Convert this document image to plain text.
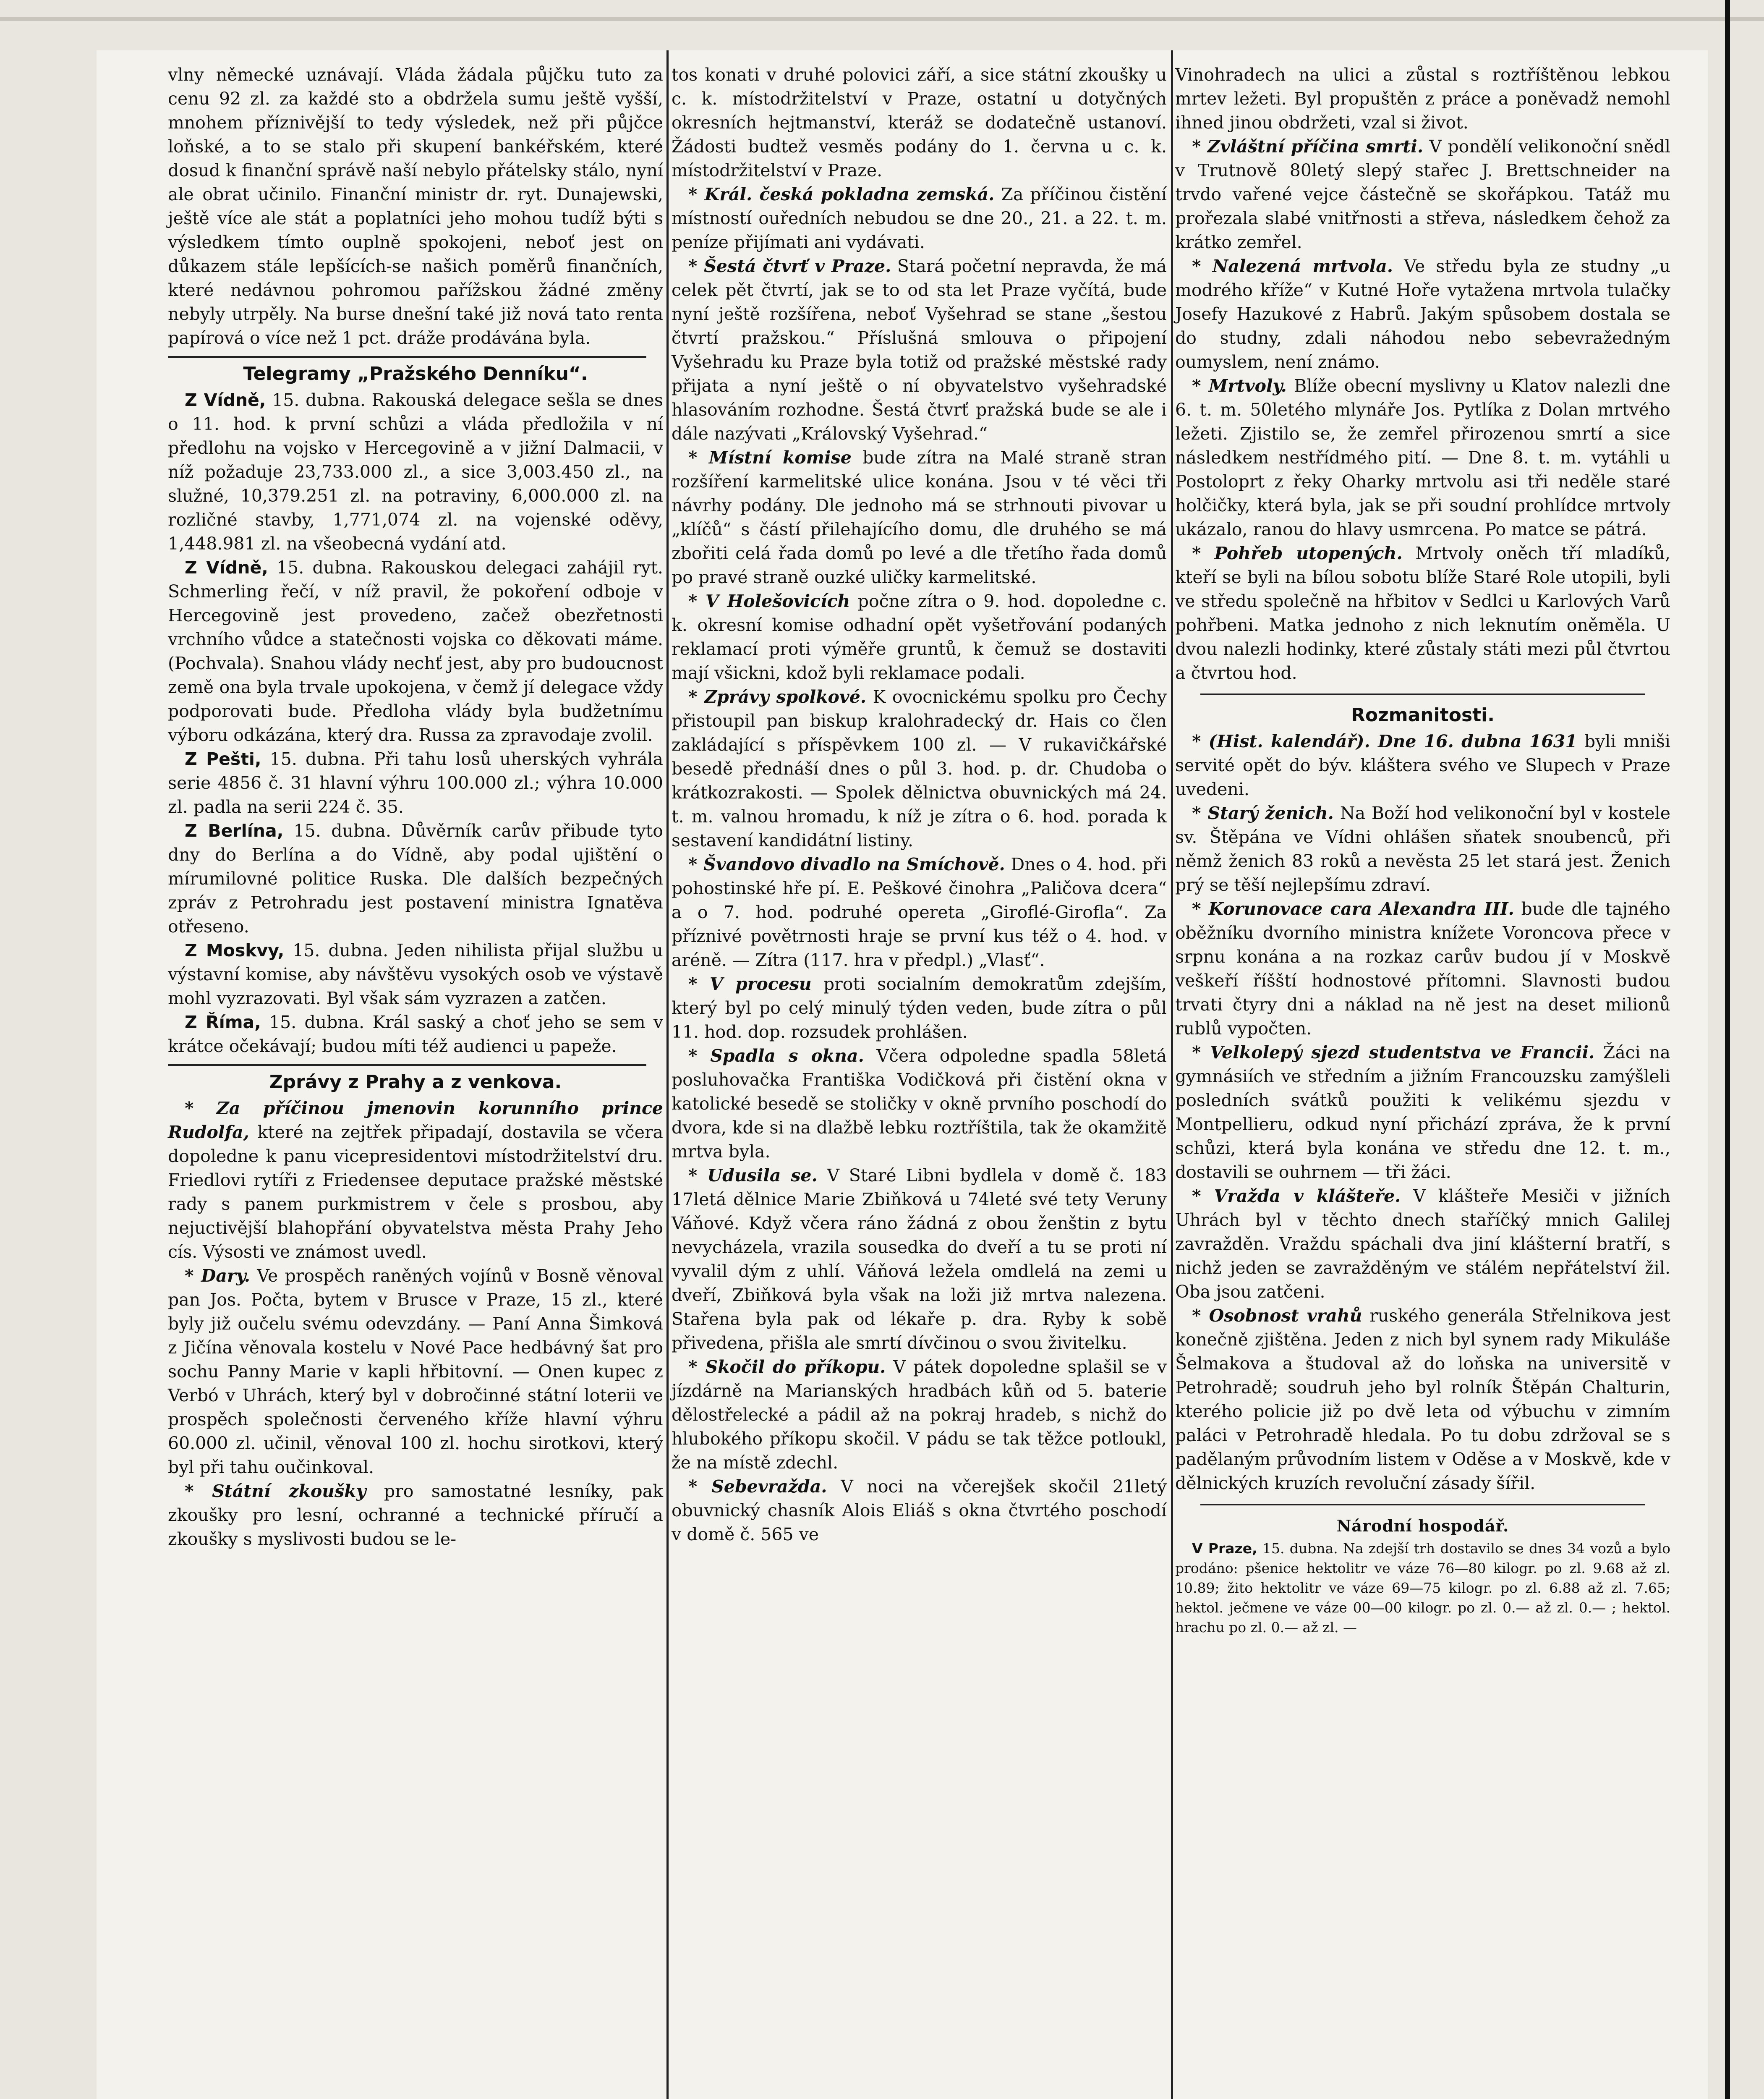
vlny německé uznávají. Vláda žádala půjčku tuto za cenu 92 zl. za každé sto a obdržela sumu ještě vyšší, mnohem příznivější to tedy výsledek, než při půjčce loňské, a to se stalo při skupení bankéřském, které dosud k finanční správě naší nebylo přátelsky stálo, nyní ale obrat učinilo. Finanční ministr dr. ryt. Dunajewski, ještě více ale stát a poplatníci jeho mohou tudíž býti s výsledkem tímto ouplně spokojeni, neboť jest on důkazem stále lepšících-se našich poměrů finančních, které nedávnou pohromou pařížskou žádné změny nebyly utrpěly. Na burse dnešní také již nová tato renta papírová o více než 1 pct. dráže prodávána byla.

Telegramy „Pražského Denníku“.

Z Vídně, 15. dubna. Rakouská delegace sešla se dnes o 11. hod. k první schůzi a vláda předložila v ní předlohu na vojsko v Hercegovině a v jižní Dalmacii, v níž požaduje 23,733.000 zl., a sice 3,003.450 zl., na služné, 10,379.251 zl. na potraviny, 6,000.000 zl. na rozličné stavby, 1,771,074 zl. na vojenské oděvy, 1,448.981 zl. na všeobecná vydání atd.

Z Vídně, 15. dubna. Rakouskou delegaci zahájil ryt. Schmerling řečí, v níž pravil, že pokoření odboje v Hercegovině jest provedeno, začež obezřetnosti vrchního vůdce a statečnosti vojska co děkovati máme. (Pochvala). Snahou vlády nechť jest, aby pro budoucnost země ona byla trvale upokojena, v čemž jí delegace vždy podporovati bude. Předloha vlády byla budžetnímu výboru odkázána, který dra. Russa za zpravodaje zvolil.

Z Pešti, 15. dubna. Při tahu losů uherských vyhrála serie 4856 č. 31 hlavní výhru 100.000 zl.; výhra 10.000 zl. padla na serii 224 č. 35.

Z Berlína, 15. dubna. Důvěrník carův přibude tyto dny do Berlína a do Vídně, aby podal ujištění o mírumilovné politice Ruska. Dle dalších bezpečných zpráv z Petrohradu jest postavení ministra Ignatěva otřeseno.

Z Moskvy, 15. dubna. Jeden nihilista přijal službu u výstavní komise, aby návštěvu vysokých osob ve výstavě mohl vyzrazovati. Byl však sám vyzrazen a zatčen.

Z Říma, 15. dubna. Král saský a choť jeho se sem v krátce očekávají; budou míti též audienci u papeže.

Zprávy z Prahy a z venkova.

* Za příčinou jmenovin korunního prince Rudolfa, které na zejtřek připadají, dostavila se včera dopoledne k panu vicepresidentovi místodržitelství dru. Friedlovi rytíři z Friedensee deputace pražské městské rady s panem purkmistrem v čele s prosbou, aby nejuctivější blahopřání obyvatelstva města Prahy Jeho cís. Výsosti ve známost uvedl.

* Dary. Ve prospěch raněných vojínů v Bosně věnoval pan Jos. Počta, bytem v Brusce v Praze, 15 zl., které byly již oučelu svému odevzdány. — Paní Anna Šimková z Jičína věnovala kostelu v Nové Pace hedbávný šat pro sochu Panny Marie v kapli hřbitovní. — Onen kupec z Verbó v Uhrách, který byl v dobročinné státní loterii ve prospěch společnosti červeného kříže hlavní výhru 60.000 zl. učinil, věnoval 100 zl. hochu sirotkovi, který byl při tahu oučinkoval.

* Státní zkoušky pro samostatné lesníky, pak zkoušky pro lesní, ochranné a technické příručí a zkoušky s myslivosti budou se le-

tos konati v druhé polovici září, a sice státní zkoušky u c. k. místodržitelství v Praze, ostatní u dotyčných okresních hejtmanství, kteráž se dodatečně ustanoví. Žádosti budtež vesměs podány do 1. června u c. k. místodržitelství v Praze.

* Král. česká pokladna zemská. Za příčinou čistění místností ouředních nebudou se dne 20., 21. a 22. t. m. peníze přijímati ani vydávati.

* Šestá čtvrť v Praze. Stará početní nepravda, že má celek pět čtvrtí, jak se to od sta let Praze vyčítá, bude nyní ještě rozšířena, neboť Vyšehrad se stane „šestou čtvrtí pražskou.“ Příslušná smlouva o připojení Vyšehradu ku Praze byla totiž od pražské městské rady přijata a nyní ještě o ní obyvatelstvo vyšehradské hlasováním rozhodne. Šestá čtvrť pražská bude se ale i dále nazývati „Královský Vyšehrad.“

* Místní komise bude zítra na Malé straně stran rozšíření karmelitské ulice konána. Jsou v té věci tři návrhy podány. Dle jednoho má se strhnouti pivovar u „klíčů“ s částí přilehajícího domu, dle druhého se má zbořiti celá řada domů po levé a dle třetího řada domů po pravé straně ouzké uličky karmelitské.

* V Holešovicích počne zítra o 9. hod. dopoledne c. k. okresní komise odhadní opět vyšetřování podaných reklamací proti výměře gruntů, k čemuž se dostaviti mají všickni, kdož byli reklamace podali.

* Zprávy spolkové. K ovocnickému spolku pro Čechy přistoupil pan biskup kralohradecký dr. Hais co člen zakládající s příspěvkem 100 zl. — V rukavičkářské besedě přednáší dnes o půl 3. hod. p. dr. Chudoba o krátkozrakosti. — Spolek dělnictva obuvnických má 24. t. m. valnou hromadu, k níž je zítra o 6. hod. porada k sestavení kandidátní listiny.

* Švandovo divadlo na Smíchově. Dnes o 4. hod. při pohostinské hře pí. E. Peškové činohra „Paličova dcera“ a o 7. hod. podruhé opereta „Giroflé-Girofla“. Za příznivé povětrnosti hraje se první kus též o 4. hod. v aréně. — Zítra (117. hra v předpl.) „Vlasť“.

* V procesu proti socialním demokratům zdejším, který byl po celý minulý týden veden, bude zítra o půl 11. hod. dop. rozsudek prohlášen.

* Spadla s okna. Včera odpoledne spadla 58letá posluhovačka Františka Vodičková při čistění okna v katolické besedě se stoličky v okně prvního poschodí do dvora, kde si na dlažbě lebku roztříštila, tak že okamžitě mrtva byla.

* Udusila se. V Staré Libni bydlela v domě č. 183 17letá dělnice Marie Zbiňková u 74leté své tety Veruny Váňové. Když včera ráno žádná z obou ženštin z bytu nevycházela, vrazila sousedka do dveří a tu se proti ní vyvalil dým z uhlí. Váňová ležela omdlelá na zemi u dveří, Zbiňková byla však na loži již mrtva nalezena. Stařena byla pak od lékaře p. dra. Ryby k sobě přivedena, přišla ale smrtí dívčinou o svou živitelku.

* Skočil do příkopu. V pátek dopoledne splašil se v jízdárně na Marianských hradbách kůň od 5. baterie dělostřelecké a pádil až na pokraj hradeb, s nichž do hlubokého příkopu skočil. V pádu se tak těžce potloukl, že na místě zdechl.

* Sebevražda. V noci na včerejšek skočil 21letý obuvnický chasník Alois Eliáš s okna čtvrtého poschodí v domě č. 565 ve

Vinohradech na ulici a zůstal s roztříštěnou lebkou mrtev ležeti. Byl propuštěn z práce a poněvadž nemohl ihned jinou obdržeti, vzal si život.

* Zvláštní příčina smrti. V pondělí velikonoční snědl v Trutnově 80letý slepý stařec J. Brettschneider na trvdo vařené vejce částečně se skořápkou. Tatáž mu prořezala slabé vnitřnosti a střeva, následkem čehož za krátko zemřel.

* Nalezená mrtvola. Ve středu byla ze studny „u modrého kříže“ v Kutné Hoře vytažena mrtvola tulačky Josefy Hazukové z Habrů. Jakým spůsobem dostala se do studny, zdali náhodou nebo sebevražedným oumyslem, není známo.

* Mrtvoly. Blíže obecní myslivny u Klatov nalezli dne 6. t. m. 50letého mlynáře Jos. Pytlíka z Dolan mrtvého ležeti. Zjistilo se, že zemřel přirozenou smrtí a sice následkem nestřídmého pití. — Dne 8. t. m. vytáhli u Postoloprt z řeky Oharky mrtvolu asi tři neděle staré holčičky, která byla, jak se při soudní prohlídce mrtvoly ukázalo, ranou do hlavy usmrcena. Po matce se pátrá.

* Pohřeb utopených. Mrtvoly oněch tří mladíků, kteří se byli na bílou sobotu blíže Staré Role utopili, byli ve středu společně na hřbitov v Sedlci u Karlových Varů pohřbeni. Matka jednoho z nich leknutím oněměla. U dvou nalezli hodinky, které zůstaly státi mezi půl čtvrtou a čtvrtou hod.

Rozmanitosti.

* (Hist. kalendář). Dne 16. dubna 1631 byli mniši servité opět do býv. kláštera svého ve Slupech v Praze uvedeni.

* Starý ženich. Na Boží hod velikonoční byl v kostele sv. Štěpána ve Vídni ohlášen sňatek snoubenců, při němž ženich 83 roků a nevěsta 25 let stará jest. Ženich prý se těší nejlepšímu zdraví.

* Korunovace cara Alexandra III. bude dle tajného oběžníku dvorního ministra knížete Voroncova přece v srpnu konána a na rozkaz carův budou jí v Moskvě veškeří říšští hodnostové přítomni. Slavnosti budou trvati čtyry dni a náklad na ně jest na deset milionů rublů vypočten.

* Velkolepý sjezd studentstva ve Francii. Žáci na gymnásiích ve středním a jižním Francouzsku zamýšleli posledních svátků použiti k velikému sjezdu v Montpellieru, odkud nyní přichází zpráva, že k první schůzi, která byla konána ve středu dne 12. t. m., dostavili se ouhrnem — tři žáci.

* Vražda v klášteře. V klášteře Mesiči v jižních Uhrách byl v těchto dnech staříčký mnich Galilej zavražděn. Vraždu spáchali dva jiní klášterní bratří, s nichž jeden se zavražděným ve stálém nepřátelství žil. Oba jsou zatčeni.

* Osobnost vrahů ruského generála Střelnikova jest konečně zjištěna. Jeden z nich byl synem rady Mikuláše Šelmakova a študoval až do loňska na universitě v Petrohradě; soudruh jeho byl rolník Štěpán Chalturin, kterého policie již po dvě leta od výbuchu v zimním paláci v Petrohradě hledala. Po tu dobu zdržoval se s padělaným průvodním listem v Oděse a v Moskvě, kde v dělnických kruzích revoluční zásady šířil.

Národní hospodář.

V Praze, 15. dubna. Na zdejší trh dostavilo se dnes 34 vozů a bylo prodáno: pšenice hektolitr ve váze 76—80 kilogr. po zl. 9.68 až zl. 10.89; žito hektolitr ve váze 69—75 kilogr. po zl. 6.88 až zl. 7.65; hektol. ječmene ve váze 00—00 kilogr. po zl. 0.— až zl. 0.— ; hektol. hrachu po zl. 0.— až zl. —
